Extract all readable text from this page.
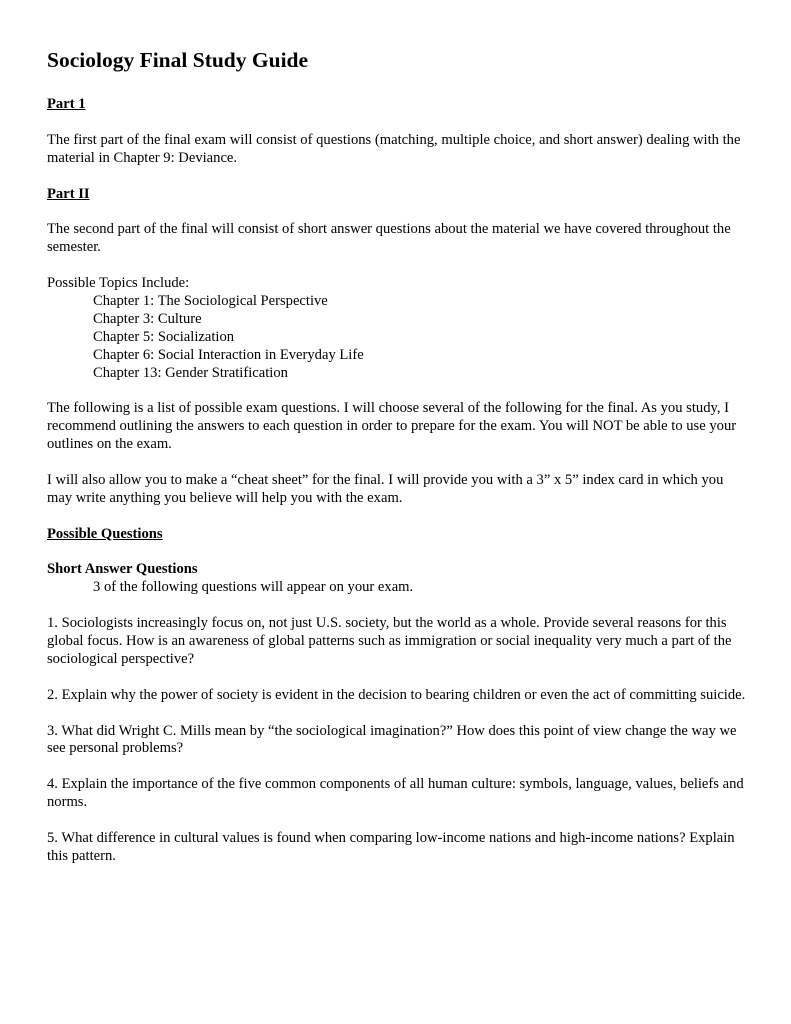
Sociology Final Study Guide
Part 1

The first part of the final exam will consist of questions (matching, multiple choice, and short answer) dealing with the material in Chapter 9: Deviance.

Part II

The second part of the final will consist of short answer questions about the material we have covered throughout the semester.

Possible Topics Include:
Chapter 1: The Sociological Perspective
Chapter 3: Culture
Chapter 5: Socialization
Chapter 6: Social Interaction in Everyday Life
Chapter 13: Gender Stratification

The following is a list of possible exam questions. I will choose several of the following for the final. As you study, I recommend outlining the answers to each question in order to prepare for the exam. You will NOT be able to use your outlines on the exam.

I will also allow you to make a “cheat sheet” for the final. I will provide you with a 3” x 5” index card in which you may write anything you believe will help you with the exam.

Possible Questions
Short Answer Questions

3 of the following questions will appear on your exam.

1. Sociologists increasingly focus on, not just U.S. society, but the world as a whole. Provide several reasons for this global focus. How is an awareness of global patterns such as immigration or social inequality very much a part of the sociological perspective?

2. Explain why the power of society is evident in the decision to bearing children or even the act of committing suicide.

3. What did Wright C. Mills mean by “the sociological imagination?” How does this point of view change the way we see personal problems?

4. Explain the importance of the five common components of all human culture: symbols, language, values, beliefs and norms.

5. What difference in cultural values is found when comparing low-income nations and high-income nations? Explain this pattern.
